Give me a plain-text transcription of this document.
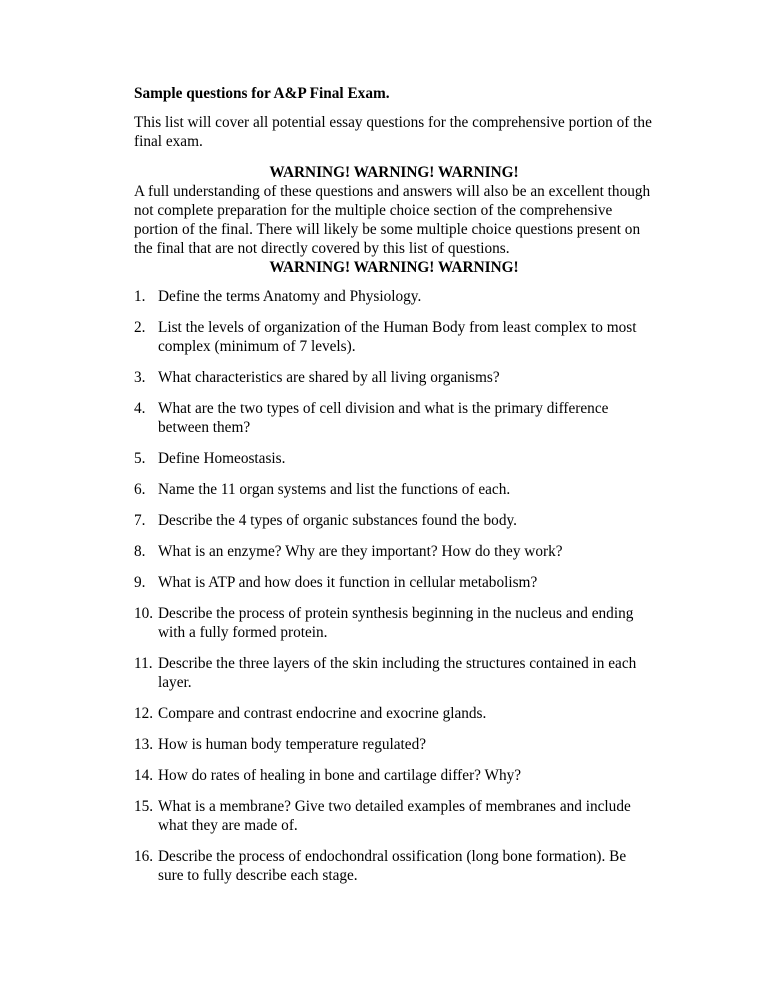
Sample questions for A&P Final Exam.

This list will cover all potential essay questions for the comprehensive portion of the final exam.

WARNING! WARNING! WARNING!

A full understanding of these questions and answers will also be an excellent though not complete preparation for the multiple choice section of the comprehensive portion of the final. There will likely be some multiple choice questions present on the final that are not directly covered by this list of questions.

WARNING! WARNING! WARNING!

1. Define the terms Anatomy and Physiology.
2. List the levels of organization of the Human Body from least complex to most complex (minimum of 7 levels).
3. What characteristics are shared by all living organisms?
4. What are the two types of cell division and what is the primary difference between them?
5. Define Homeostasis.
6. Name the 11 organ systems and list the functions of each.
7. Describe the 4 types of organic substances found the body.
8. What is an enzyme? Why are they important? How do they work?
9. What is ATP and how does it function in cellular metabolism?
10. Describe the process of protein synthesis beginning in the nucleus and ending with a fully formed protein.
11. Describe the three layers of the skin including the structures contained in each layer.
12. Compare and contrast endocrine and exocrine glands.
13. How is human body temperature regulated?
14. How do rates of healing in bone and cartilage differ? Why?
15. What is a membrane? Give two detailed examples of membranes and include what they are made of.
16. Describe the process of endochondral ossification (long bone formation). Be sure to fully describe each stage.
